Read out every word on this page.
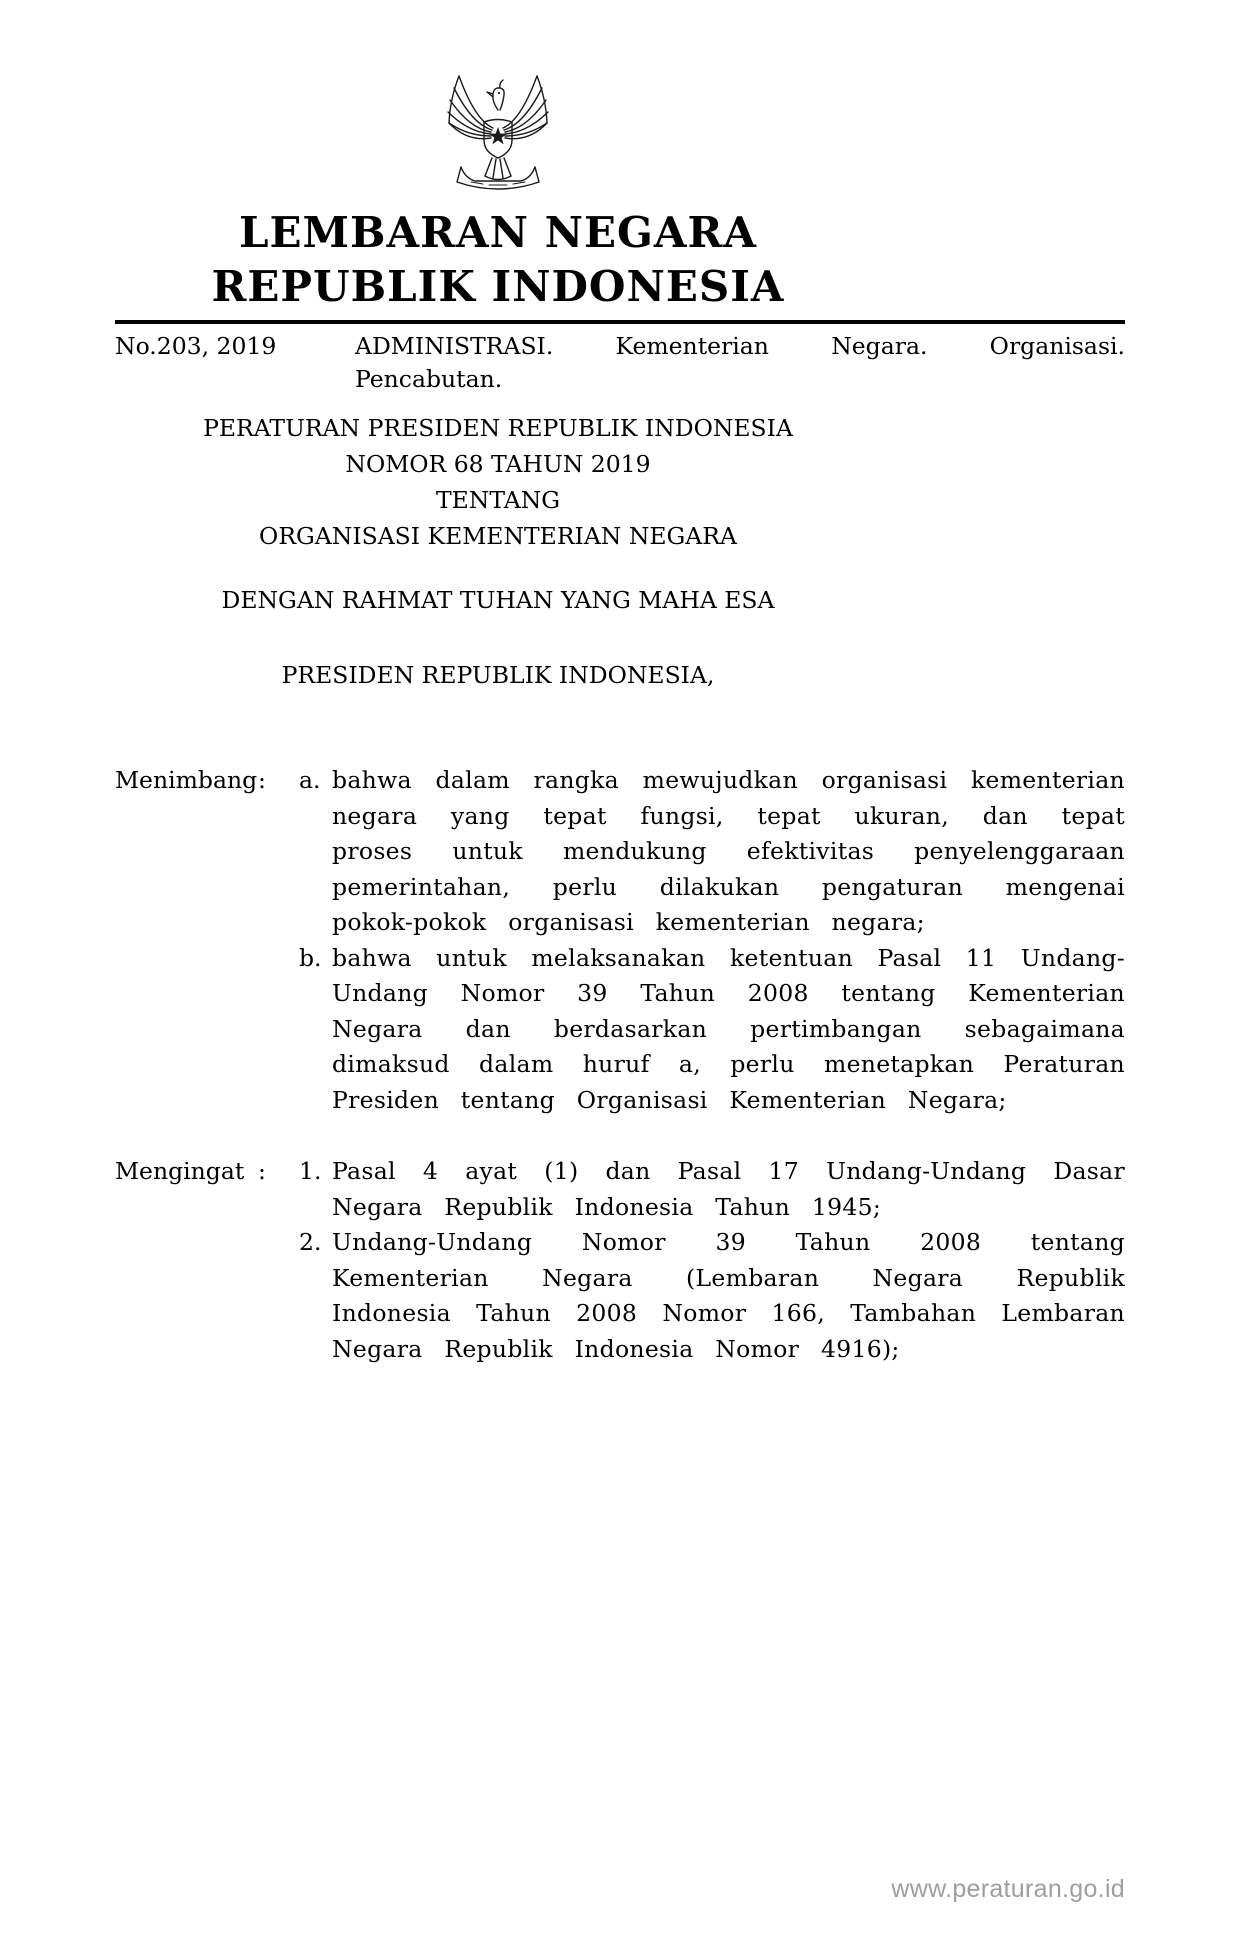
LEMBARAN NEGARA
REPUBLIK INDONESIA
No.203, 2019	ADMINISTRASI. Kementerian Negara. Organisasi.
Pencabutan.
PERATURAN PRESIDEN REPUBLIK INDONESIA
NOMOR 68 TAHUN 2019
TENTANG
ORGANISASI KEMENTERIAN NEGARA
DENGAN RAHMAT TUHAN YANG MAHA ESA
PRESIDEN REPUBLIK INDONESIA,
Menimbang :	a. bahwa dalam rangka mewujudkan organisasi kementerian negara yang tepat fungsi, tepat ukuran, dan tepat proses untuk mendukung efektivitas penyelenggaraan pemerintahan, perlu dilakukan pengaturan mengenai pokok-pokok organisasi kementerian negara;
b. bahwa untuk melaksanakan ketentuan Pasal 11 Undang-Undang Nomor 39 Tahun 2008 tentang Kementerian Negara dan berdasarkan pertimbangan sebagaimana dimaksud dalam huruf a, perlu menetapkan Peraturan Presiden tentang Organisasi Kementerian Negara;
Mengingat :	1. Pasal 4 ayat (1) dan Pasal 17 Undang-Undang Dasar Negara Republik Indonesia Tahun 1945;
2. Undang-Undang Nomor 39 Tahun 2008 tentang Kementerian Negara (Lembaran Negara Republik Indonesia Tahun 2008 Nomor 166, Tambahan Lembaran Negara Republik Indonesia Nomor 4916);
www.peraturan.go.id
